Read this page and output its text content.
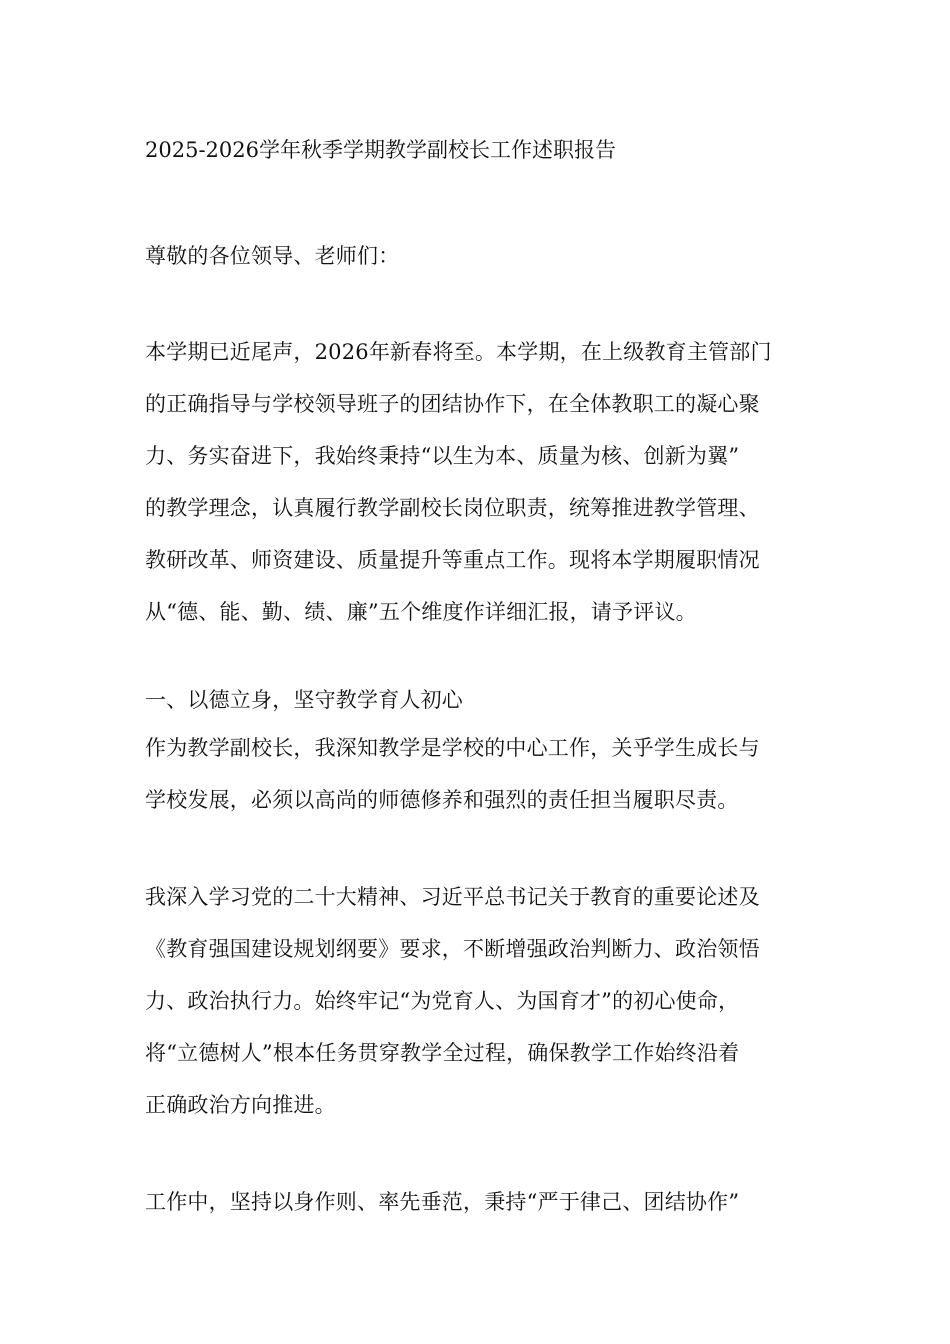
2025-2026学年秋季学期教学副校长工作述职报告
尊敬的各位领导、老师们：
本学期已近尾声，2026年新春将至。本学期，在上级教育主管部门
的正确指导与学校领导班子的团结协作下，在全体教职工的凝心聚
力、务实奋进下，我始终秉持“以生为本、质量为核、创新为翼”
的教学理念，认真履行教学副校长岗位职责，统筹推进教学管理、
教研改革、师资建设、质量提升等重点工作。现将本学期履职情况
从“德、能、勤、绩、廉”五个维度作详细汇报，请予评议。
一、以德立身，坚守教学育人初心
作为教学副校长，我深知教学是学校的中心工作，关乎学生成长与
学校发展，必须以高尚的师德修养和强烈的责任担当履职尽责。
我深入学习党的二十大精神、习近平总书记关于教育的重要论述及
《教育强国建设规划纲要》要求，不断增强政治判断力、政治领悟
力、政治执行力。始终牢记“为党育人、为国育才”的初心使命，
将“立德树人”根本任务贯穿教学全过程，确保教学工作始终沿着
正确政治方向推进。
工作中，坚持以身作则、率先垂范，秉持“严于律己、团结协作”
